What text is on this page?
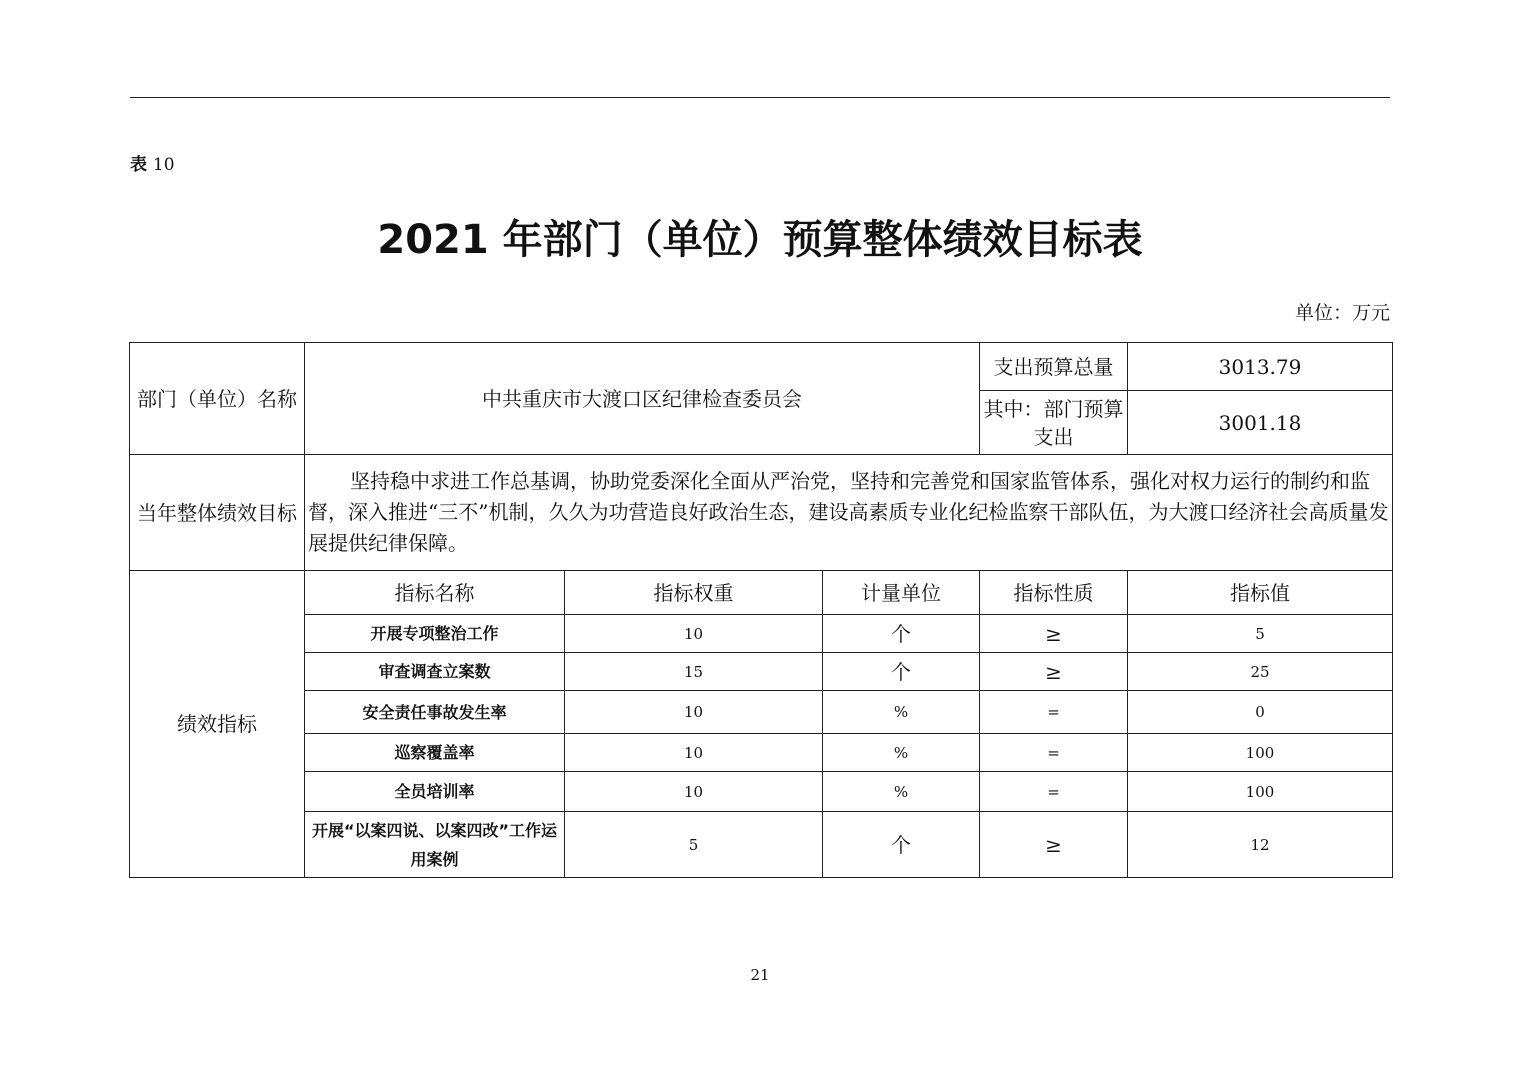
表 10
2021 年部门（单位）预算整体绩效目标表
单位：万元
部门（单位）名称	中共重庆市大渡口区纪律检查委员会			支出预算总量	3013.79
				其中：部门预算支出	3001.18
当年整体绩效目标	坚持稳中求进工作总基调，协助党委深化全面从严治党，坚持和完善党和国家监管体系，强化对权力运行的制约和监督，深入推进“三不”机制，久久为功营造良好政治生态，建设高素质专业化纪检监察干部队伍，为大渡口经济社会高质量发展提供纪律保障。				
绩效指标	指标名称	指标权重	计量单位	指标性质	指标值
	开展专项整治工作	10	个	≥	5
	审查调查立案数	15	个	≥	25
	安全责任事故发生率	10	%	=	0
	巡察覆盖率	10	%	=	100
	全员培训率	10	%	=	100
	开展“以案四说、以案四改”工作运用案例	5	个	≥	12
21
